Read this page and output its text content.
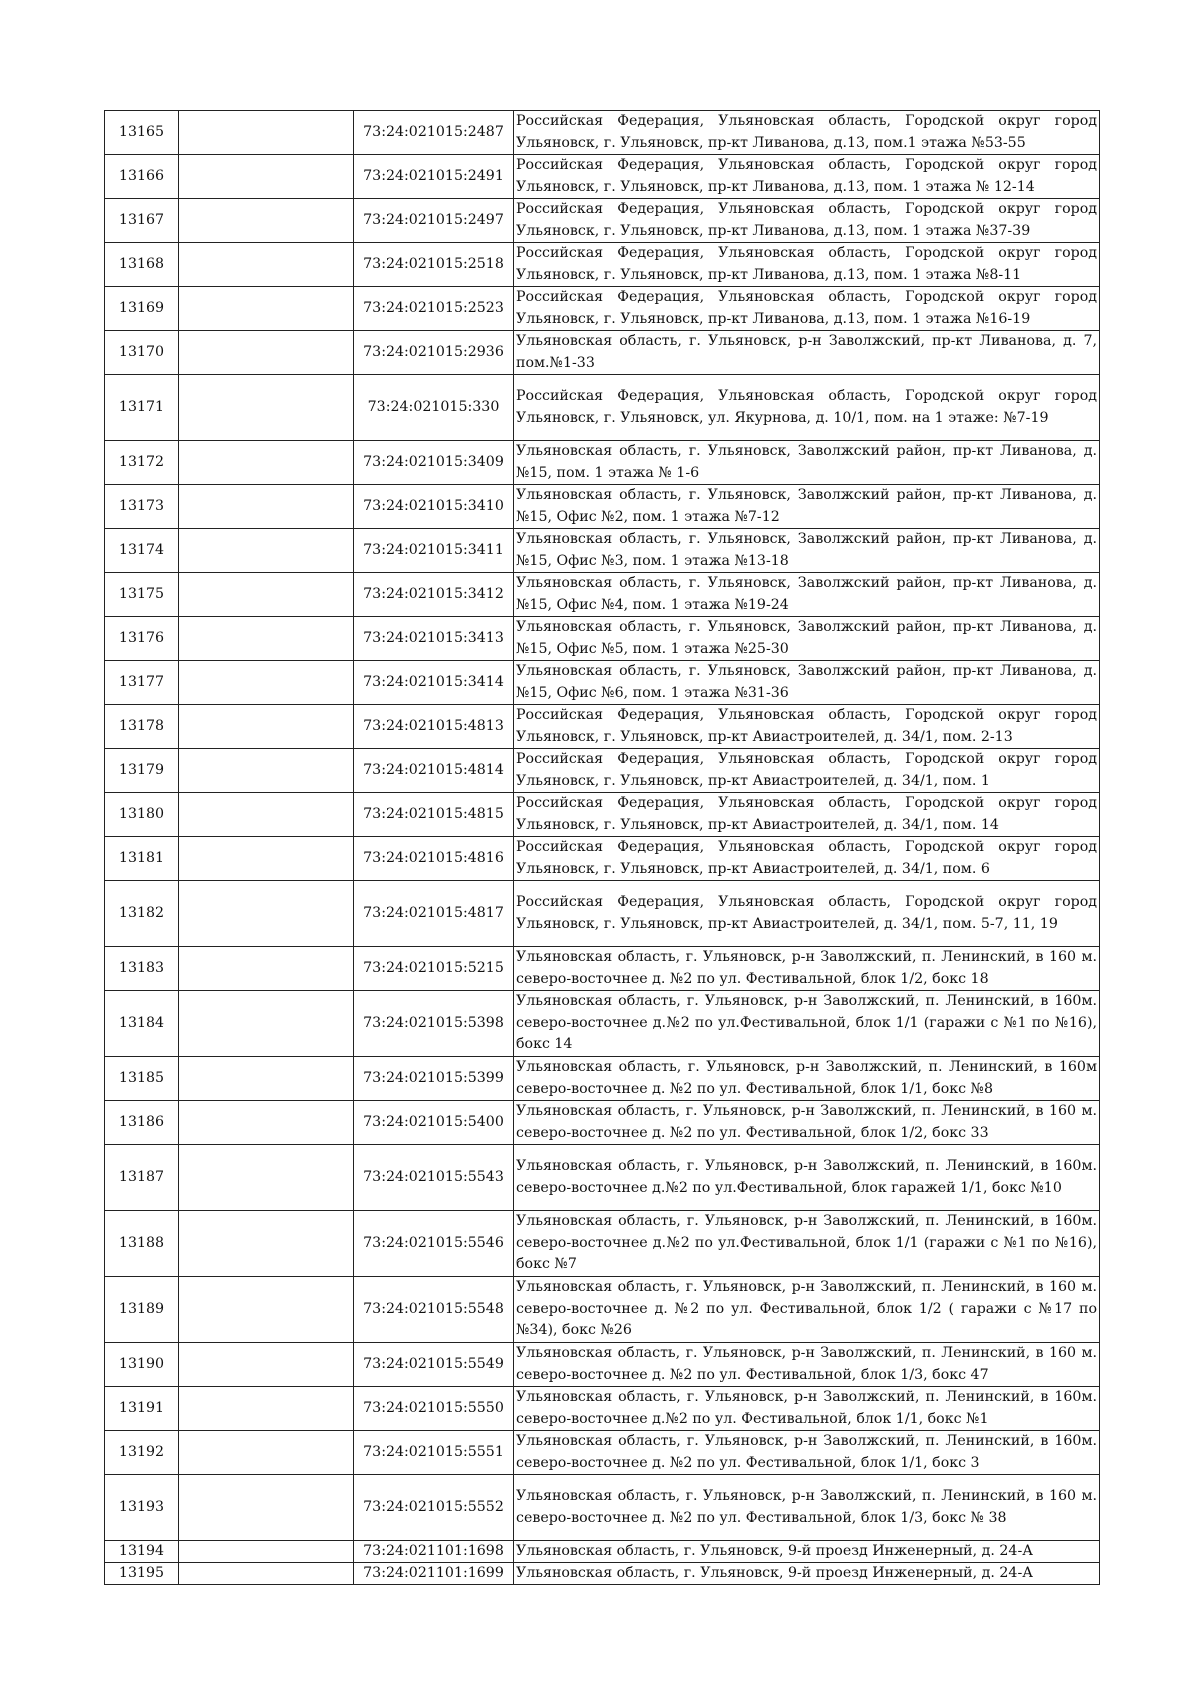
13165		73:24:021015:2487	Российская Федерация, Ульяновская область, Городской округ город Ульяновск, г. Ульяновск, пр-кт Ливанова, д.13, пом.1 этажа №53-55
13166		73:24:021015:2491	Российская Федерация, Ульяновская область, Городской округ город Ульяновск, г. Ульяновск, пр-кт Ливанова, д.13, пом. 1 этажа № 12-14
13167		73:24:021015:2497	Российская Федерация, Ульяновская область, Городской округ город Ульяновск, г. Ульяновск, пр-кт Ливанова, д.13, пом. 1 этажа №37-39
13168		73:24:021015:2518	Российская Федерация, Ульяновская область, Городской округ город Ульяновск, г. Ульяновск, пр-кт Ливанова, д.13, пом. 1 этажа №8-11
13169		73:24:021015:2523	Российская Федерация, Ульяновская область, Городской округ город Ульяновск, г. Ульяновск, пр-кт Ливанова, д.13, пом. 1 этажа №16-19
13170		73:24:021015:2936	Ульяновская область, г. Ульяновск, р-н Заволжский, пр-кт Ливанова, д. 7, пом.№1-33
13171		73:24:021015:330	Российская Федерация, Ульяновская область, Городской округ город Ульяновск, г. Ульяновск, ул. Якурнова, д. 10/1, пом. на 1 этаже: №7-19
13172		73:24:021015:3409	Ульяновская область, г. Ульяновск, Заволжский район, пр-кт Ливанова, д. №15, пом. 1 этажа № 1-6
13173		73:24:021015:3410	Ульяновская область, г. Ульяновск, Заволжский район, пр-кт Ливанова, д. №15, Офис №2, пом. 1 этажа №7-12
13174		73:24:021015:3411	Ульяновская область, г. Ульяновск, Заволжский район, пр-кт Ливанова, д. №15, Офис №3, пом. 1 этажа №13-18
13175		73:24:021015:3412	Ульяновская область, г. Ульяновск, Заволжский район, пр-кт Ливанова, д. №15, Офис №4, пом. 1 этажа №19-24
13176		73:24:021015:3413	Ульяновская область, г. Ульяновск, Заволжский район, пр-кт Ливанова, д. №15, Офис №5, пом. 1 этажа №25-30
13177		73:24:021015:3414	Ульяновская область, г. Ульяновск, Заволжский район, пр-кт Ливанова, д. №15, Офис №6, пом. 1 этажа №31-36
13178		73:24:021015:4813	Российская Федерация, Ульяновская область, Городской округ город Ульяновск, г. Ульяновск, пр-кт Авиастроителей, д. 34/1, пом. 2-13
13179		73:24:021015:4814	Российская Федерация, Ульяновская область, Городской округ город Ульяновск, г. Ульяновск, пр-кт Авиастроителей, д. 34/1, пом. 1
13180		73:24:021015:4815	Российская Федерация, Ульяновская область, Городской округ город Ульяновск, г. Ульяновск, пр-кт Авиастроителей, д. 34/1, пом. 14
13181		73:24:021015:4816	Российская Федерация, Ульяновская область, Городской округ город Ульяновск, г. Ульяновск, пр-кт Авиастроителей, д. 34/1, пом. 6
13182		73:24:021015:4817	Российская Федерация, Ульяновская область, Городской округ город Ульяновск, г. Ульяновск, пр-кт Авиастроителей, д. 34/1, пом. 5-7, 11, 19
13183		73:24:021015:5215	Ульяновская область, г. Ульяновск, р-н Заволжский, п. Ленинский, в 160 м. северо-восточнее д. №2 по ул. Фестивальной, блок 1/2, бокс 18
13184		73:24:021015:5398	Ульяновская область, г. Ульяновск, р-н Заволжский, п. Ленинский, в 160м. северо-восточнее д.№2 по ул.Фестивальной, блок 1/1 (гаражи с №1 по №16), бокс 14
13185		73:24:021015:5399	Ульяновская область, г. Ульяновск, р-н Заволжский, п. Ленинский, в 160м северо-восточнее д. №2 по ул. Фестивальной, блок 1/1, бокс №8
13186		73:24:021015:5400	Ульяновская область, г. Ульяновск, р-н Заволжский, п. Ленинский, в 160 м. северо-восточнее д. №2 по ул. Фестивальной, блок 1/2, бокс 33
13187		73:24:021015:5543	Ульяновская область, г. Ульяновск, р-н Заволжский, п. Ленинский, в 160м. северо-восточнее д.№2 по ул.Фестивальной, блок гаражей 1/1, бокс №10
13188		73:24:021015:5546	Ульяновская область, г. Ульяновск, р-н Заволжский, п. Ленинский, в 160м. северо-восточнее д.№2 по ул.Фестивальной, блок 1/1 (гаражи с №1 по №16), бокс №7
13189		73:24:021015:5548	Ульяновская область, г. Ульяновск, р-н Заволжский, п. Ленинский, в 160 м. северо-восточнее д. №2 по ул. Фестивальной, блок 1/2 ( гаражи с №17 по №34), бокс №26
13190		73:24:021015:5549	Ульяновская область, г. Ульяновск, р-н Заволжский, п. Ленинский, в 160 м. северо-восточнее д. №2 по ул. Фестивальной, блок 1/3, бокс 47
13191		73:24:021015:5550	Ульяновская область, г. Ульяновск, р-н Заволжский, п. Ленинский, в 160м. северо-восточнее д.№2 по ул. Фестивальной, блок 1/1, бокс №1
13192		73:24:021015:5551	Ульяновская область, г. Ульяновск, р-н Заволжский, п. Ленинский, в 160м. северо-восточнее д. №2 по ул. Фестивальной, блок 1/1, бокс 3
13193		73:24:021015:5552	Ульяновская область, г. Ульяновск, р-н Заволжский, п. Ленинский, в 160 м. северо-восточнее д. №2 по ул. Фестивальной, блок 1/3, бокс № 38
13194		73:24:021101:1698	Ульяновская область, г. Ульяновск, 9-й проезд Инженерный, д. 24-А
13195		73:24:021101:1699	Ульяновская область, г. Ульяновск, 9-й проезд Инженерный, д. 24-А
